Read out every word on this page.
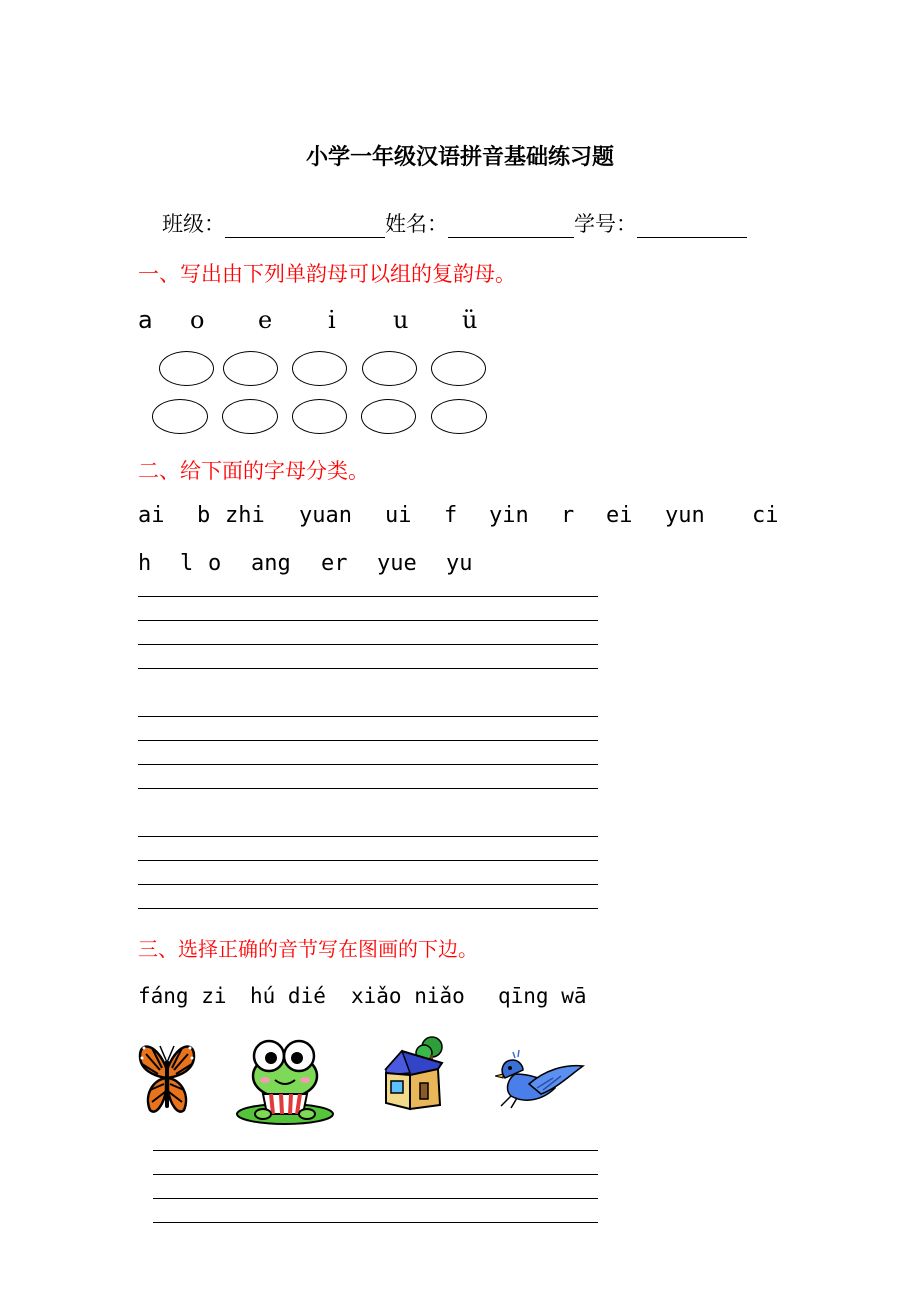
小学一年级汉语拼音基础练习题
班级：	姓名：	学号：
一、写出由下列单韵母可以组的复韵母。
a o e i u ü
二、给下面的字母分类。
ai b zhi yuan ui f yin r ei yun ci
h l o ang er yue yu
三、选择正确的音节写在图画的下边。
fáng zi hú dié xiǎo niǎo qīng wā
